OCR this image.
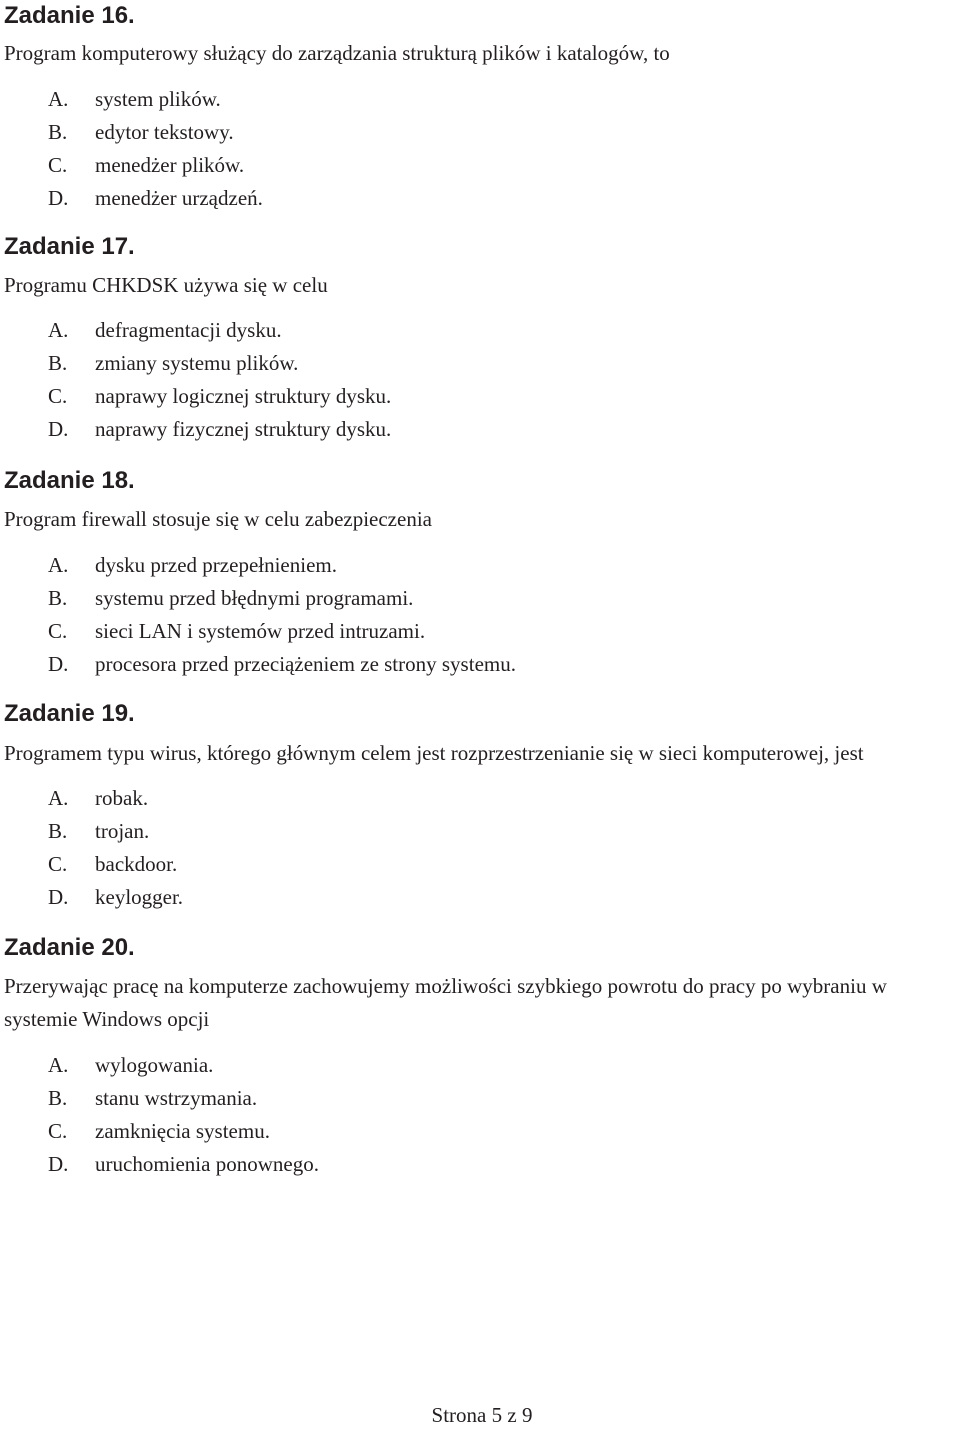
Zadanie 16.

Program komputerowy służący do zarządzania strukturą plików i katalogów, to

A. system plików.
B. edytor tekstowy.
C. menedżer plików.
D. menedżer urządzeń.
Zadanie 17.

Programu CHKDSK używa się w celu

A. defragmentacji dysku.
B. zmiany systemu plików.
C. naprawy logicznej struktury dysku.
D. naprawy fizycznej struktury dysku.
Zadanie 18.

Program firewall stosuje się w celu zabezpieczenia

A. dysku przed przepełnieniem.
B. systemu przed błędnymi programami.
C. sieci LAN i systemów przed intruzami.
D. procesora przed przeciążeniem ze strony systemu.
Zadanie 19.

Programem typu wirus, którego głównym celem jest rozprzestrzenianie się w sieci komputerowej, jest

A. robak.
B. trojan.
C. backdoor.
D. keylogger.
Zadanie 20.

Przerywając pracę na komputerze zachowujemy możliwości szybkiego powrotu do pracy po wybraniu w systemie Windows opcji

A. wylogowania.
B. stanu wstrzymania.
C. zamknięcia systemu.
D. uruchomienia ponownego.
Strona 5 z 9
